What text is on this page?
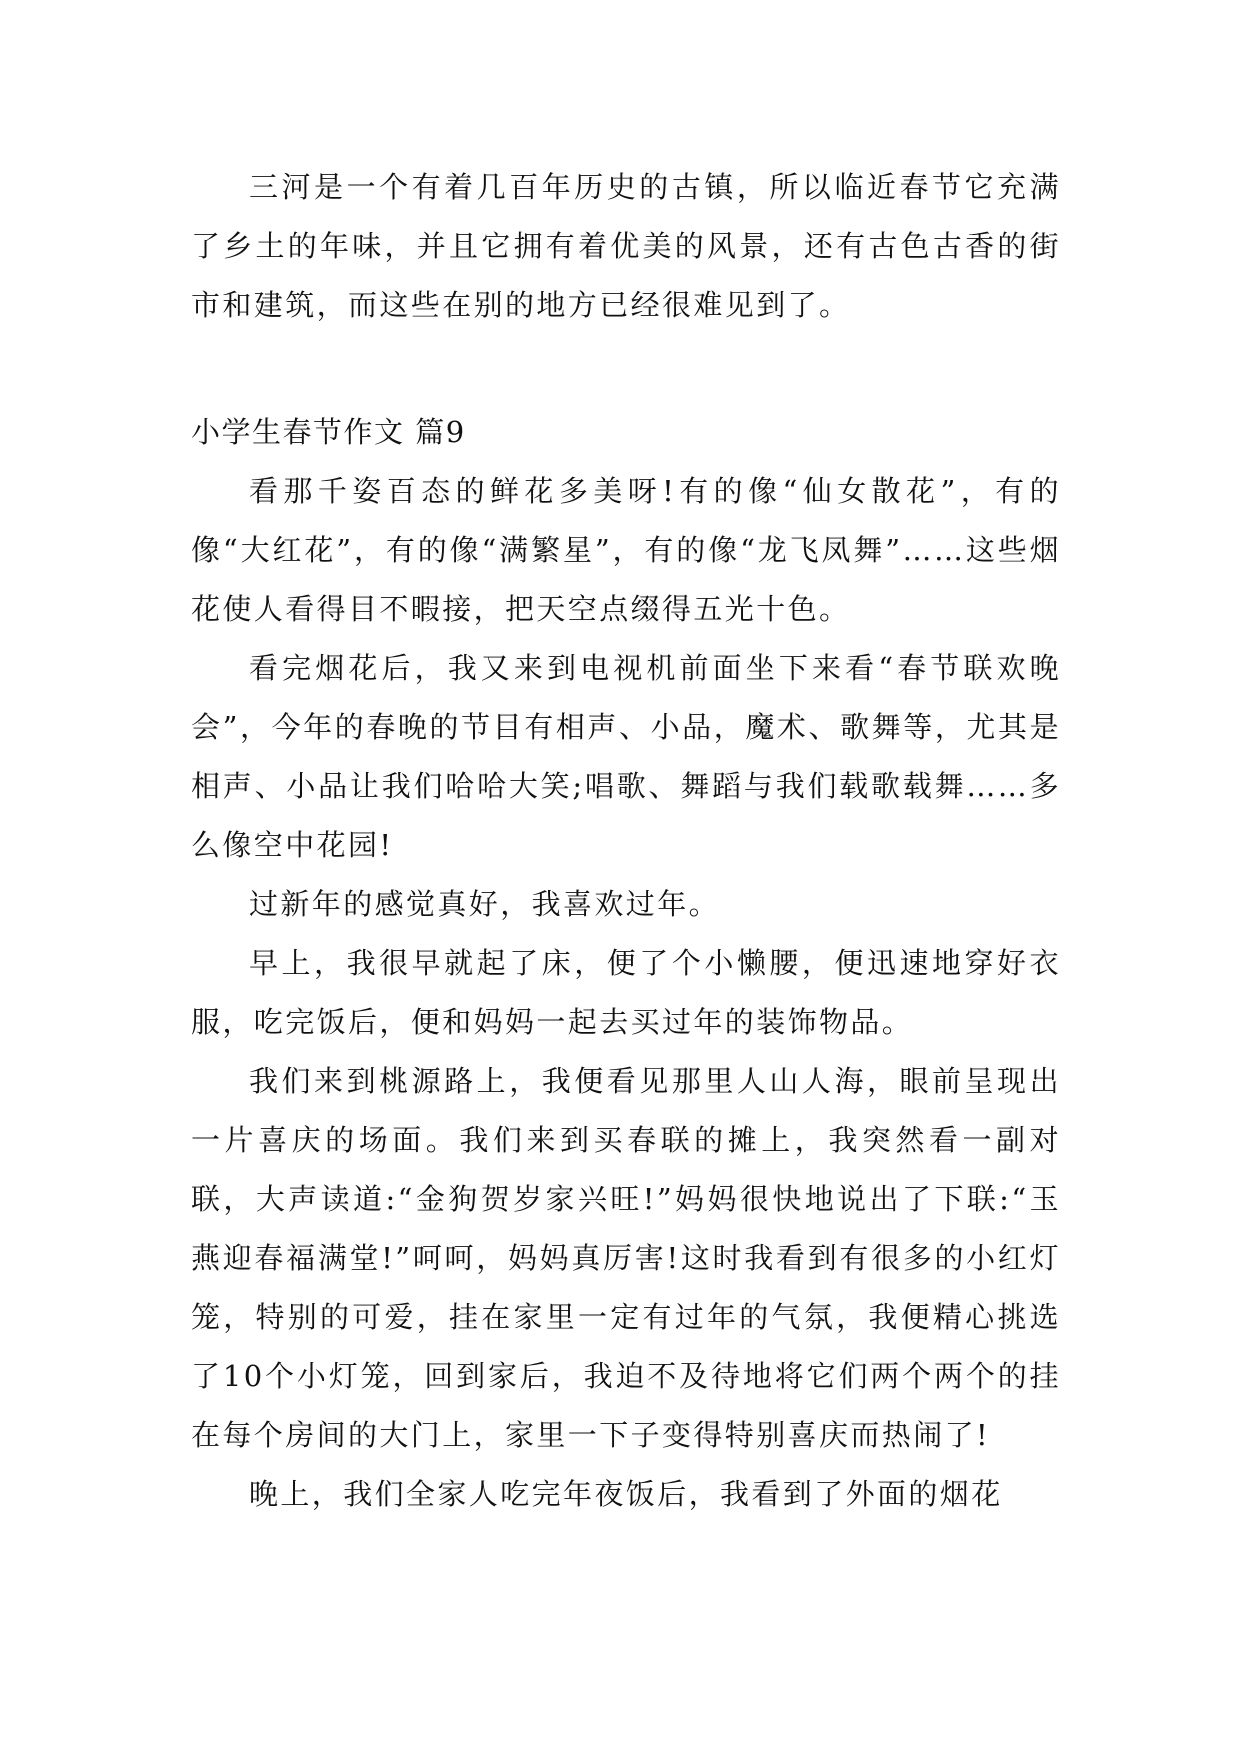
三河是一个有着几百年历史的古镇，所以临近春节它充满了乡土的年味，并且它拥有着优美的风景，还有古色古香的街市和建筑，而这些在别的地方已经很难见到了。

小学生春节作文 篇9

看那千姿百态的鲜花多美呀!有的像“仙女散花”，有的像“大红花”，有的像“满繁星”，有的像“龙飞凤舞”……这些烟花使人看得目不暇接，把天空点缀得五光十色。

看完烟花后，我又来到电视机前面坐下来看“春节联欢晚会”，今年的春晚的节目有相声、小品，魔术、歌舞等，尤其是相声、小品让我们哈哈大笑;唱歌、舞蹈与我们载歌载舞……多么像空中花园!

过新年的感觉真好，我喜欢过年。

早上，我很早就起了床，便了个小懒腰，便迅速地穿好衣服，吃完饭后，便和妈妈一起去买过年的装饰物品。

我们来到桃源路上，我便看见那里人山人海，眼前呈现出一片喜庆的场面。我们来到买春联的摊上，我突然看一副对联，大声读道:“金狗贺岁家兴旺!”妈妈很快地说出了下联:“玉燕迎春福满堂!”呵呵，妈妈真厉害!这时我看到有很多的小红灯笼，特别的可爱，挂在家里一定有过年的气氛，我便精心挑选了10个小灯笼，回到家后，我迫不及待地将它们两个两个的挂在每个房间的大门上，家里一下子变得特别喜庆而热闹了!

晚上，我们全家人吃完年夜饭后，我看到了外面的烟花
